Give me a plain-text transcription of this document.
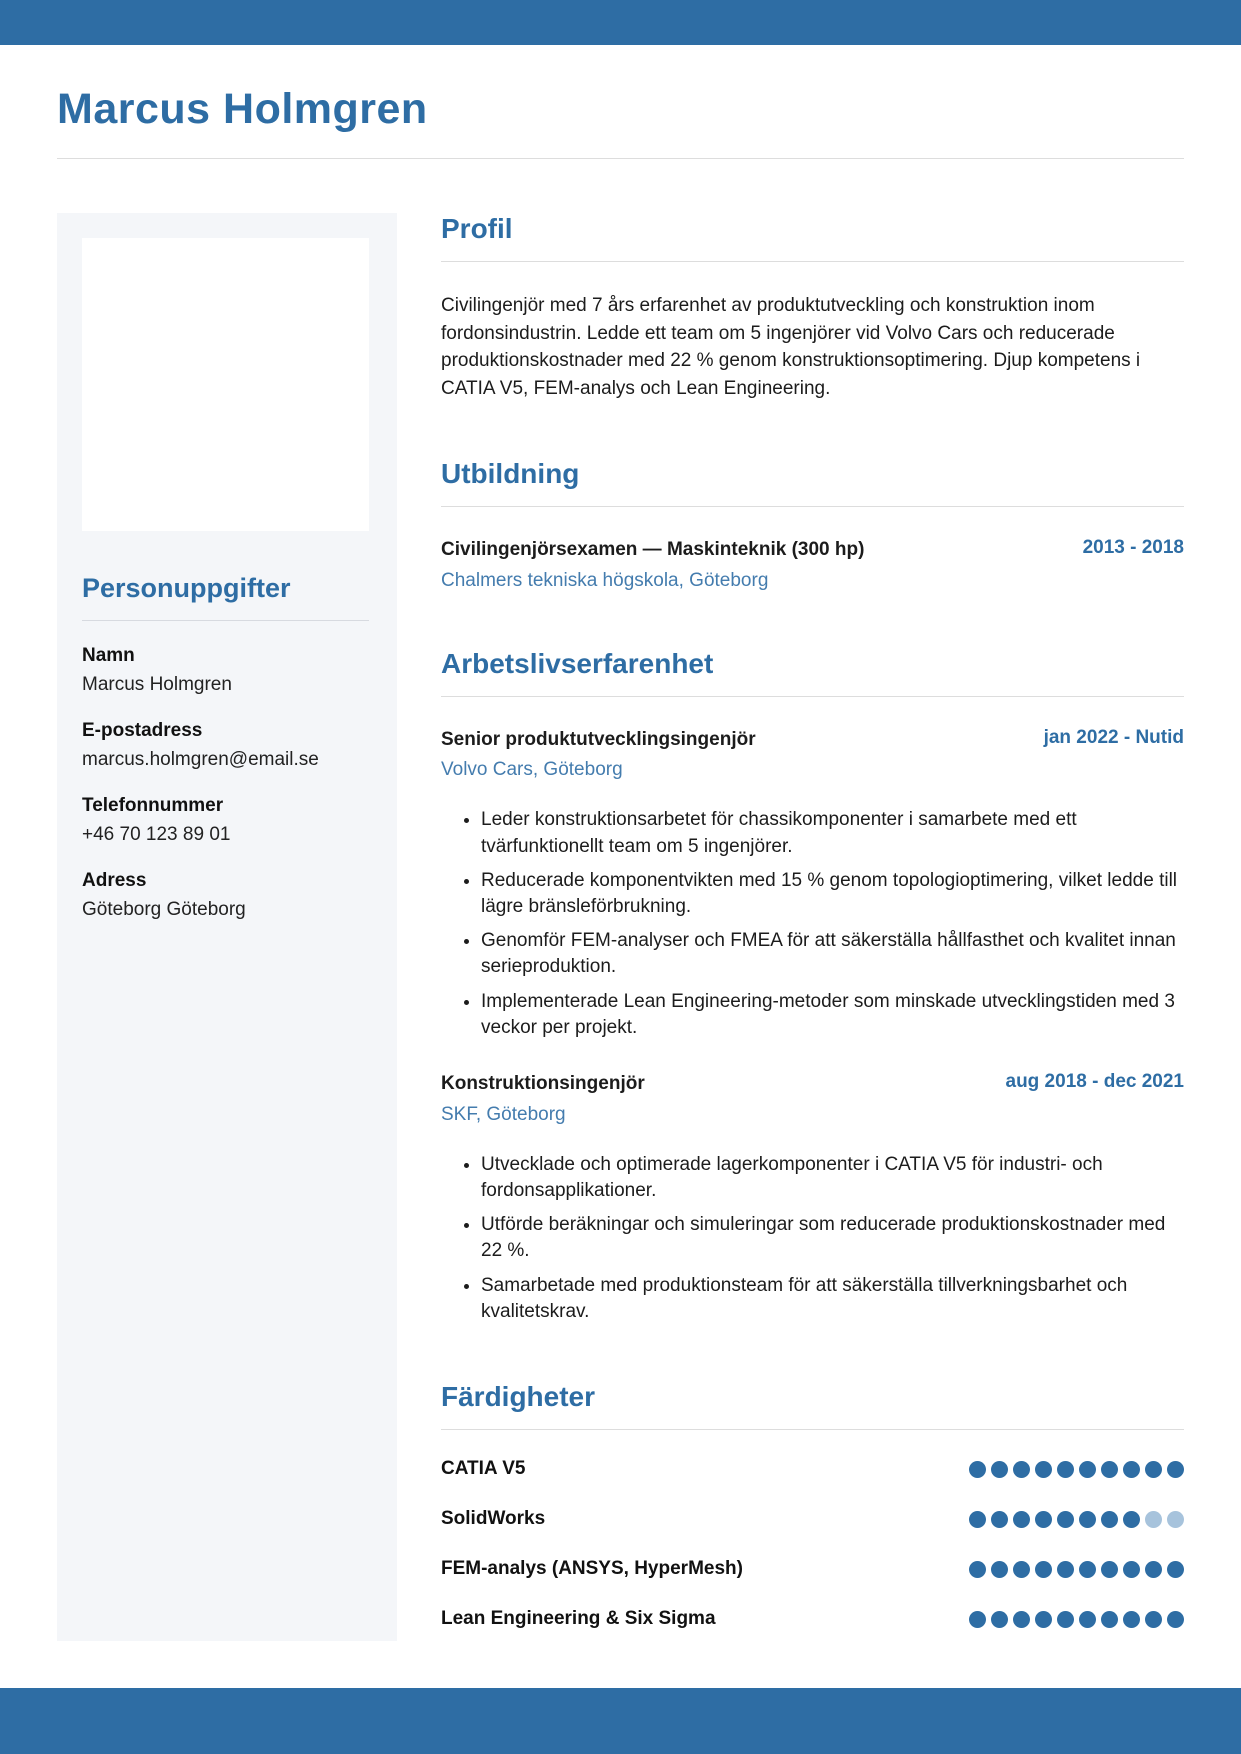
Marcus Holmgren
Personuppgifter
Namn
Marcus Holmgren
E-postadress
marcus.holmgren@email.se
Telefonnummer
+46 70 123 89 01
Adress
Göteborg Göteborg
Profil

Civilingenjör med 7 års erfarenhet av produktutveckling och konstruktion inom fordonsindustrin. Ledde ett team om 5 ingenjörer vid Volvo Cars och reducerade produktionskostnader med 22 % genom konstruktionsoptimering. Djup kompetens i CATIA V5, FEM-analys och Lean Engineering.

Utbildning
Civilingenjörsexamen — Maskinteknik (300 hp)	2013 - 2018
Chalmers tekniska högskola, Göteborg
Arbetslivserfarenhet
Senior produktutvecklingsingenjör	jan 2022 - Nutid
Volvo Cars, Göteborg
• Leder konstruktionsarbetet för chassikomponenter i samarbete med ett tvärfunktionellt team om 5 ingenjörer.
• Reducerade komponentvikten med 15 % genom topologioptimering, vilket ledde till lägre bränsleförbrukning.
• Genomför FEM-analyser och FMEA för att säkerställa hållfasthet och kvalitet innan serieproduktion.
• Implementerade Lean Engineering-metoder som minskade utvecklingstiden med 3 veckor per projekt.
Konstruktionsingenjör	aug 2018 - dec 2021
SKF, Göteborg
• Utvecklade och optimerade lagerkomponenter i CATIA V5 för industri- och fordonsapplikationer.
• Utförde beräkningar och simuleringar som reducerade produktionskostnader med 22 %.
• Samarbetade med produktionsteam för att säkerställa tillverkningsbarhet och kvalitetskrav.
Färdigheter
CATIA V5
SolidWorks
FEM-analys (ANSYS, HyperMesh)
Lean Engineering & Six Sigma
